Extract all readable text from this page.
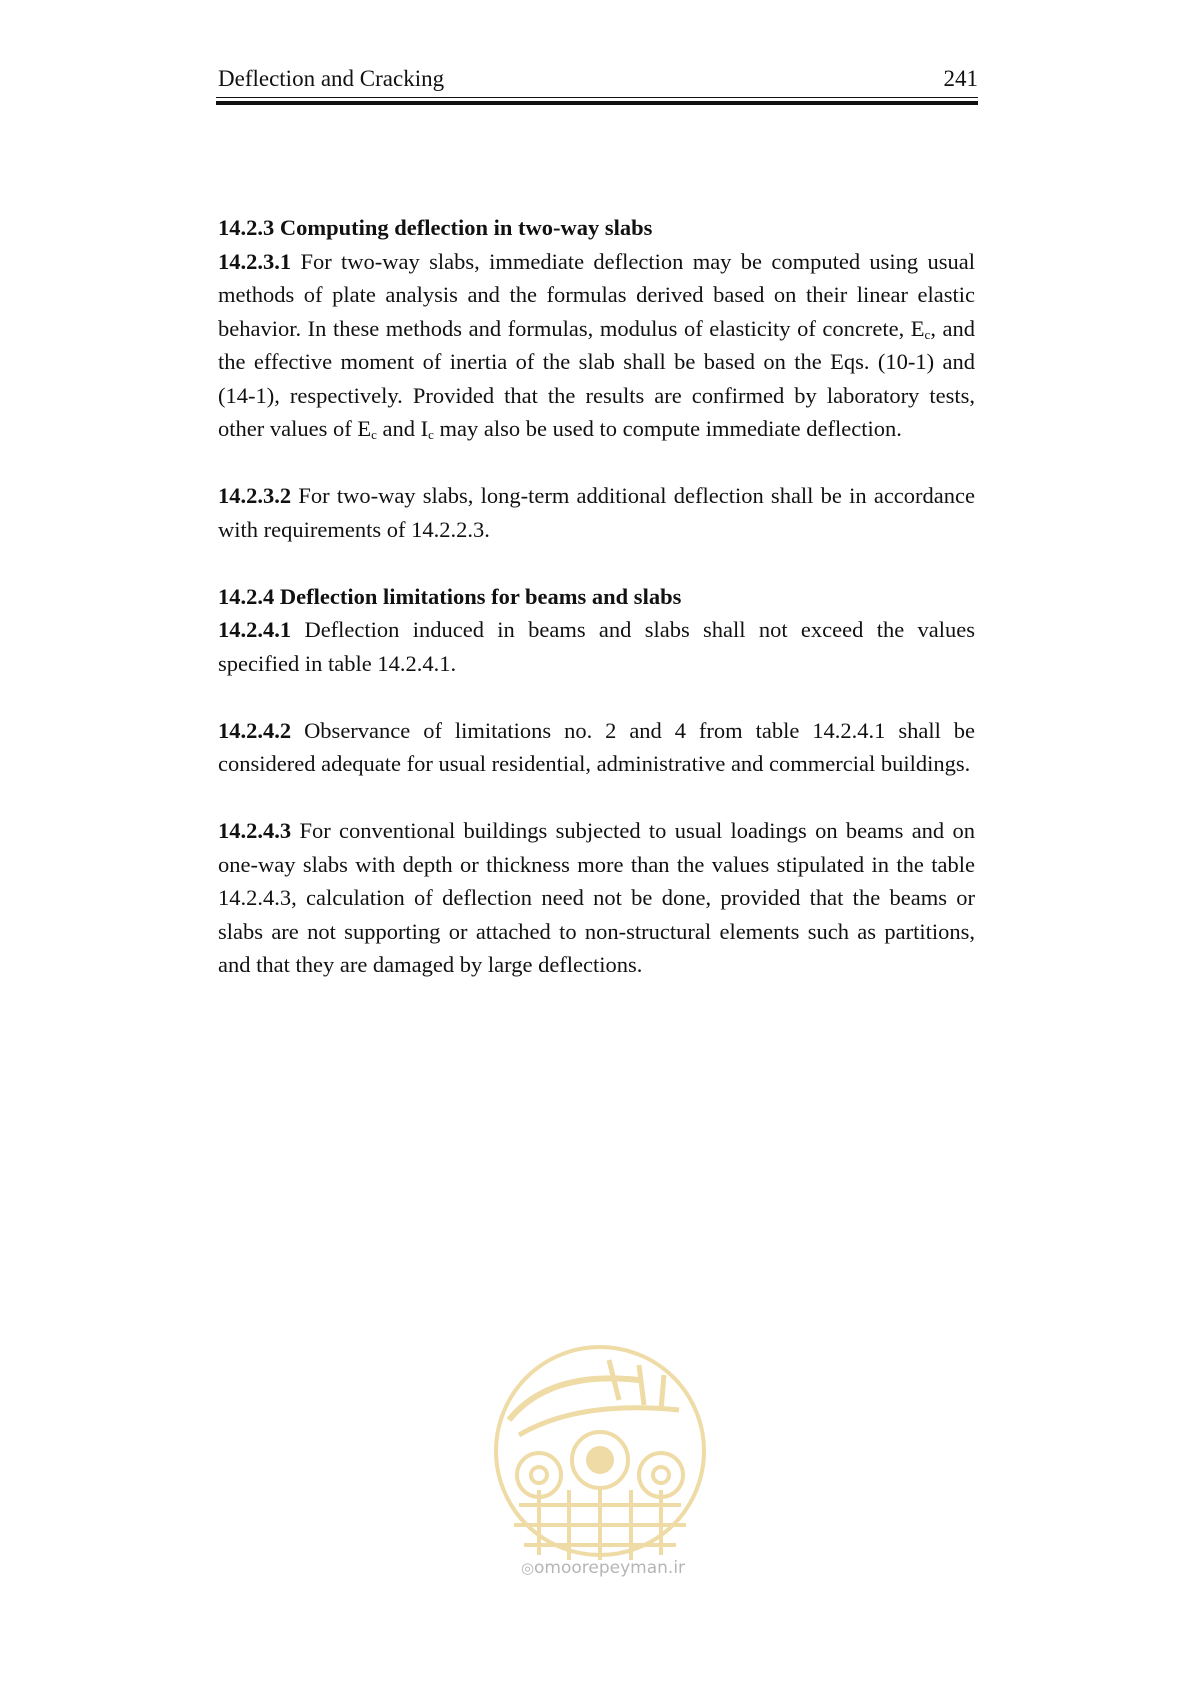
Deflection and Cracking	241
14.2.3 Computing deflection in two-way slabs

14.2.3.1 For two-way slabs, immediate deflection may be computed using usual methods of plate analysis and the formulas derived based on their linear elastic behavior. In these methods and formulas, modulus of elasticity of concrete, $E_c$, and the effective moment of inertia of the slab shall be based on the Eqs. (10-1) and (14-1), respectively. Provided that the results are confirmed by laboratory tests, other values of $E_c$ and $I_c$ may also be used to compute immediate deflection.

14.2.3.2 For two-way slabs, long-term additional deflection shall be in accordance with requirements of 14.2.2.3.

14.2.4 Deflection limitations for beams and slabs

14.2.4.1 Deflection induced in beams and slabs shall not exceed the values specified in table 14.2.4.1.

14.2.4.2 Observance of limitations no. 2 and 4 from table 14.2.4.1 shall be considered adequate for usual residential, administrative and commercial buildings.

14.2.4.3 For conventional buildings subjected to usual loadings on beams and on one-way slabs with depth or thickness more than the values stipulated in the table 14.2.4.3, calculation of deflection need not be done, provided that the beams or slabs are not supporting or attached to non-structural elements such as partitions, and that they are damaged by large deflections.

◎omoorepeyman.ir
